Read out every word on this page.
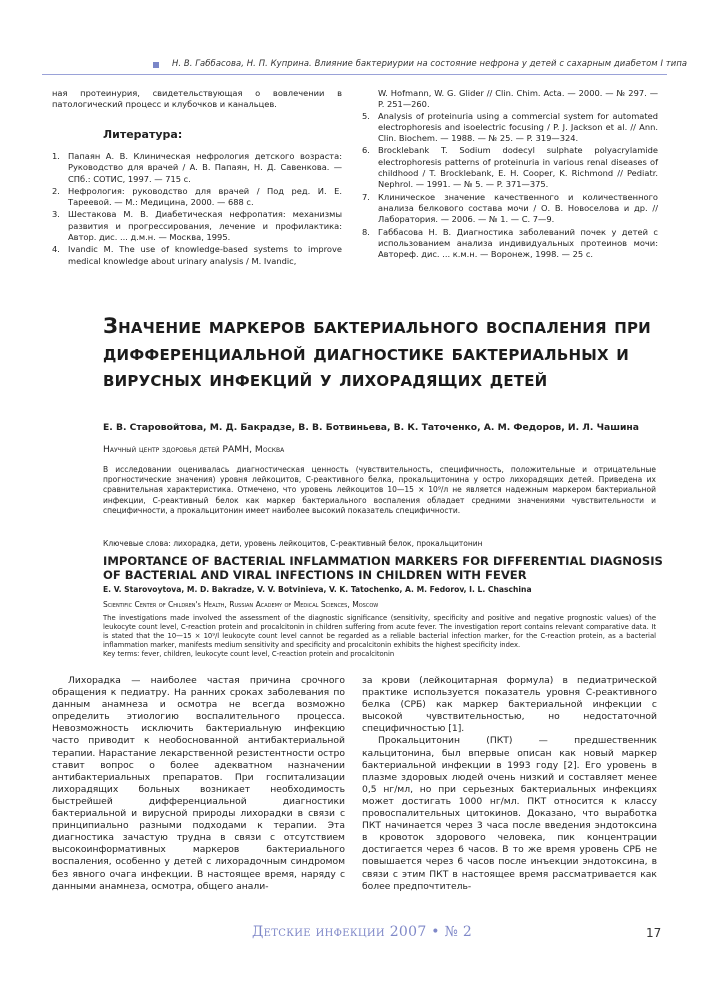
Н. В. Габбасова, Н. П. Куприна. Влияние бактериурии на состояние нефрона у детей с сахарным диабетом I типа

ная протеинурия, свидетельствующая о вовлечении в патологический процесс и клубочков и канальцев.

Литература:
1. Папаян А. В. Клиническая нефрология детского возраста: Руководство для врачей / А. В. Папаян, Н. Д. Савенкова. — СПб.: СОТИС, 1997. — 715 с.
2. Нефрология: руководство для врачей / Под ред. И. Е. Тареевой. — М.: Медицина, 2000. — 688 с.
3. Шестакова М. В. Диабетическая нефропатия: механизмы развития и прогрессирования, лечение и профилактика: Автор. дис. ... д.м.н. — Москва, 1995.
4. Ivandic M. The use of knowledge-based systems to improve medical knowledge about urinary analysis / M. Ivandic,

W. Hofmann, W. G. Glider // Clin. Chim. Acta. — 2000. — № 297. — P. 251—260.

5. Analysis of proteinuria using a commercial system for automated electrophoresis and isoelectric focusing / P. J. Jackson et al. // Ann. Clin. Biochem. — 1988. — № 25. — P. 319—324.
6. Brocklebank T. Sodium dodecyl sulphate polyacrylamide electrophoresis patterns of proteinuria in various renal diseases of childhood / T. Brocklebank, E. H. Cooper, K. Richmond // Pediatr. Nephrol. — 1991. — № 5. — P. 371—375.
7. Клиническое значение качественного и количественного анализа белкового состава мочи / О. В. Новоселова и др. // Лаборатория. — 2006. — № 1. — С. 7—9.
8. Габбасова Н. В. Диагностика заболеваний почек у детей с использованием анализа индивидуальных протеинов мочи: Автореф. дис. ... к.м.н. — Воронеж, 1998. — 25 с.
Значение маркеров бактериального воспаления при дифференциальной диагностике бактериальных и вирусных инфекций у лихорадящих детей
Е. В. Старовойтова, М. Д. Бакрадзе, В. В. Ботвиньева, В. К. Таточенко, А. М. Федоров, И. Л. Чашина
Научный центр здоровья детей РАМН, Москва
В исследовании оценивалась диагностическая ценность (чувствительность, специфичность, положительные и отрицательные прогностические значения) уровня лейкоцитов, С-реактивного белка, прокальцитонина у остро лихорадящих детей. Приведена их сравнительная характеристика. Отмечено, что уровень лейкоцитов 10—15 × 10⁹/л не является надежным маркером бактериальной инфекции, С-реактивный белок как маркер бактериального воспаления обладает средними значениями чувствительности и специфичности, а прокальцитонин имеет наиболее высокий показатель специфичности.
Ключевые слова: лихорадка, дети, уровень лейкоцитов, С-реактивный белок, прокальцитонин
IMPORTANCE OF BACTERIAL INFLAMMATION MARKERS FOR DIFFERENTIAL DIAGNOSIS OF BACTERIAL AND VIRAL INFECTIONS IN CHILDREN WITH FEVER
E. V. Starovoytova, M. D. Bakradze, V. V. Botvinieva, V. K. Tatochenko, A. M. Fedorov, I. L. Chaschina
Scientific Center of Children's Health, Russian Academy of Medical Sciences, Moscow
The investigations made involved the assessment of the diagnostic significance (sensitivity, specificity and positive and negative prognostic values) of the leukocyte count level, C-reaction protein and procalcitonin in children suffering from acute fever. The investigation report contains relevant comparative data. It is stated that the 10—15 × 10⁹/l leukocyte count level cannot be regarded as a reliable bacterial infection marker, for the C-reaction protein, as a bacterial inflammation marker, manifests medium sensitivity and specificity and procalcitonin exhibits the highest specificity index.
Key terms: fever, children, leukocyte count level, C-reaction protein and procalcitonin

Лихорадка — наиболее частая причина срочного обращения к педиатру. На ранних сроках заболевания по данным анамнеза и осмотра не всегда возможно определить этиологию воспалительного процесса. Невозможность исключить бактериальную инфекцию часто приводит к необоснованной антибактериальной терапии. Нарастание лекарственной резистентности остро ставит вопрос о более адекватном назначении антибактериальных препаратов. При госпитализации лихорадящих больных возникает необходимость быстрейшей дифференциальной диагностики бактериальной и вирусной природы лихорадки в связи с принципиально разными подходами к терапии. Эта диагностика зачастую трудна в связи с отсутствием высокоинформативных маркеров бактериального воспаления, особенно у детей с лихорадочным синдромом без явного очага инфекции. В настоящее время, наряду с данными анамнеза, осмотра, общего анали-

за крови (лейкоцитарная формула) в педиатрической практике используется показатель уровня С-реактивного белка (СРБ) как маркер бактериальной инфекции с высокой чувствительностью, но недостаточной специфичностью [1].

Прокальцитонин (ПКТ) — предшественник кальцитонина, был впервые описан как новый маркер бактериальной инфекции в 1993 году [2]. Его уровень в плазме здоровых людей очень низкий и составляет менее 0,5 нг/мл, но при серьезных бактериальных инфекциях может достигать 1000 нг/мл. ПКТ относится к классу провоспалительных цитокинов. Доказано, что выработка ПКТ начинается через 3 часа после введения эндотоксина в кровоток здорового человека, пик концентрации достигается через 6 часов. В то же время уровень СРБ не повышается через 6 часов после инъекции эндотоксина, в связи с этим ПКТ в настоящее время рассматривается как более предпочтитель-

Детские инфекции 2007 • № 2	17
